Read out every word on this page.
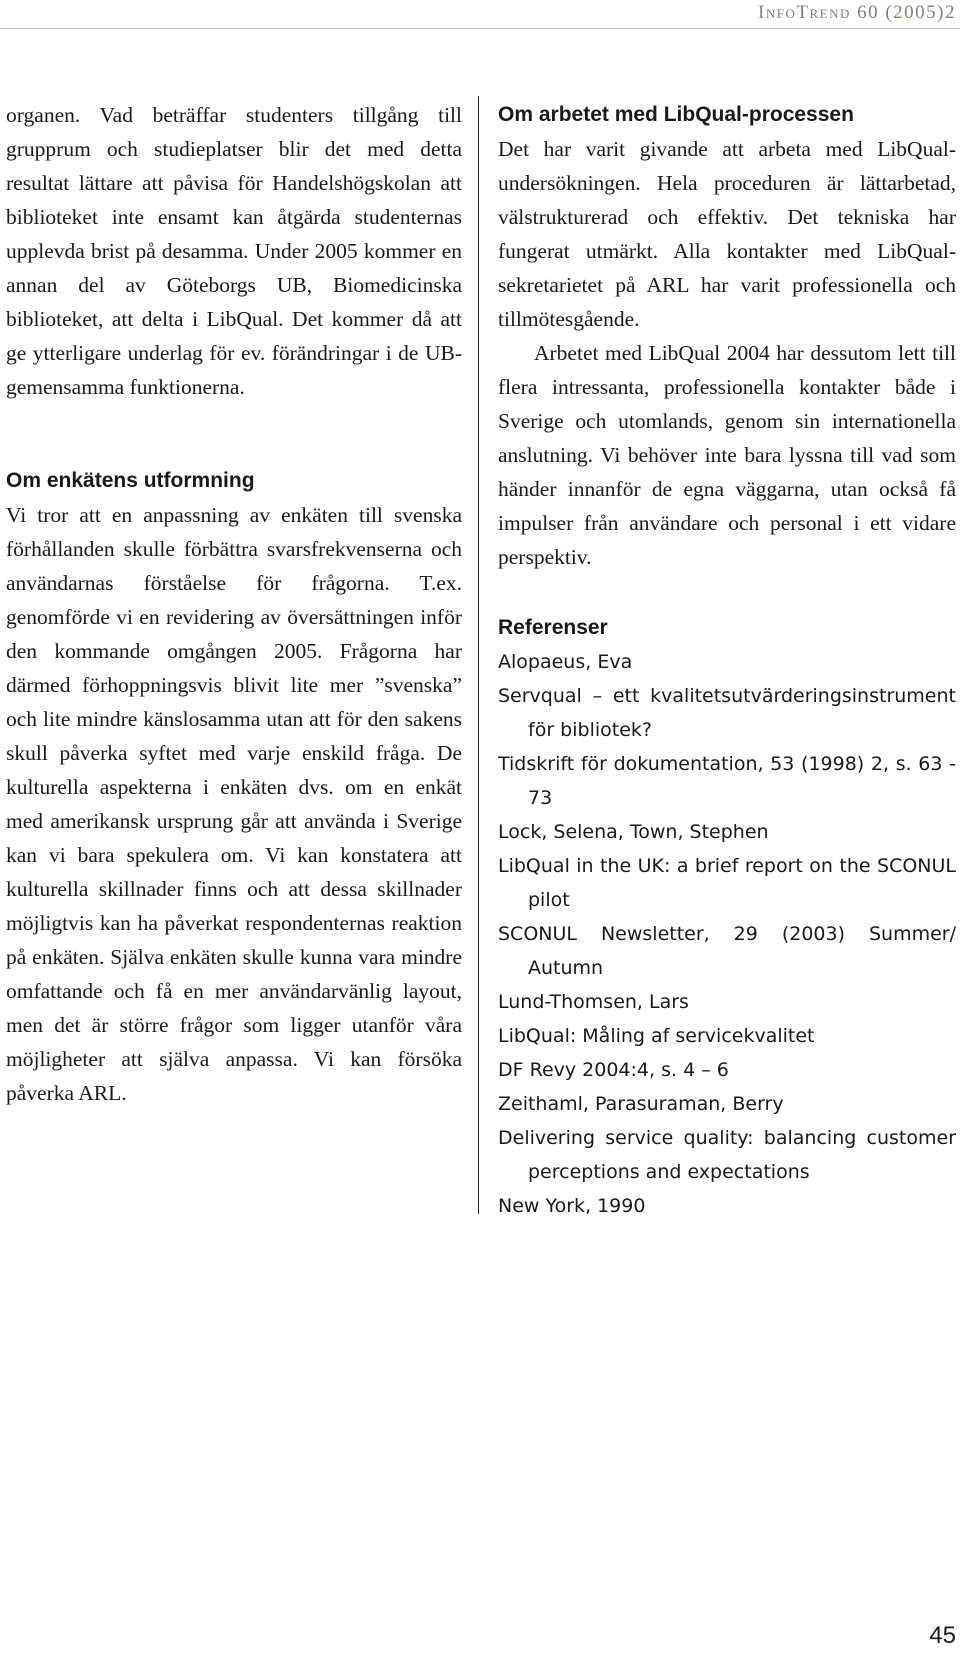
InfoTrend 60 (2005)2

organen. Vad beträffar studenters tillgång till grupprum och studieplatser blir det med detta resultat lättare att påvisa för Handelshögskolan att biblioteket inte ensamt kan åtgärda studenternas upplevda brist på desamma. Under 2005 kommer en annan del av Göteborgs UB, Biomedicinska biblioteket, att delta i LibQual. Det kommer då att ge ytterligare underlag för ev. förändringar i de UB-gemensamma funktionerna.

Om enkätens utformning

Vi tror att en anpassning av enkäten till svenska förhållanden skulle förbättra svarsfrekvenserna och användarnas förståelse för frågorna. T.ex. genomförde vi en revidering av översättningen inför den kommande omgången 2005. Frågorna har därmed förhoppningsvis blivit lite mer ”svenska” och lite mindre känslosamma utan att för den sakens skull påverka syftet med varje enskild fråga. De kulturella aspekterna i enkäten dvs. om en enkät med amerikansk ursprung går att använda i Sverige kan vi bara spekulera om. Vi kan konstatera att kulturella skillnader finns och att dessa skillnader möjligtvis kan ha påverkat respondenternas reaktion på enkäten. Själva enkäten skulle kunna vara mindre omfattande och få en mer användarvänlig layout, men det är större frågor som ligger utanför våra möjligheter att själva anpassa. Vi kan försöka påverka ARL.

Om arbetet med LibQual-processen

Det har varit givande att arbeta med LibQual-undersökningen. Hela proceduren är lättarbetad, välstrukturerad och effektiv. Det tekniska har fungerat utmärkt. Alla kontakter med LibQual-sekretarietet på ARL har varit professionella och tillmötesgående.

Arbetet med LibQual 2004 har dessutom lett till flera intressanta, professionella kontakter både i Sverige och utomlands, genom sin internationella anslutning. Vi behöver inte bara lyssna till vad som händer innanför de egna väggarna, utan också få impulser från användare och personal i ett vidare perspektiv.

Referenser

Alopaeus, Eva

Servqual – ett kvalitetsutvärderingsinstrument för bibliotek?

Tidskrift för dokumentation, 53 (1998) 2, s. 63 - 73

Lock, Selena, Town, Stephen

LibQual in the UK: a brief report on the SCONUL pilot

SCONUL Newsletter, 29 (2003) Summer/ Autumn

Lund-Thomsen, Lars

LibQual: Måling af servicekvalitet

DF Revy 2004:4, s. 4 – 6

Zeithaml, Parasuraman, Berry

Delivering service quality: balancing customer perceptions and expectations

New York, 1990

45
